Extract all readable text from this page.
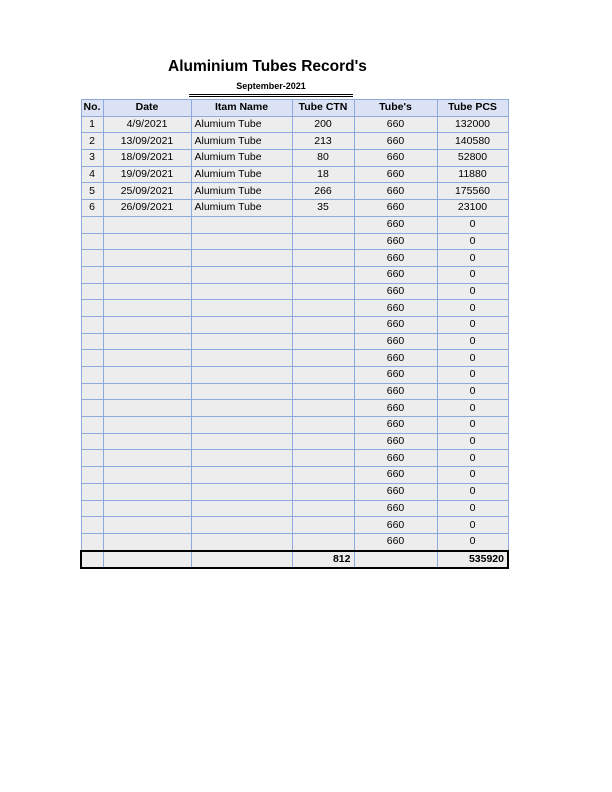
Aluminium Tubes Record's
September-2021
No.	Date	Itam Name	Tube CTN	Tube's	Tube PCS
1	4/9/2021	Alumium Tube	200	660	132000
2	13/09/2021	Alumium Tube	213	660	140580
3	18/09/2021	Alumium Tube	80	660	52800
4	19/09/2021	Alumium Tube	18	660	11880
5	25/09/2021	Alumium Tube	266	660	175560
6	26/09/2021	Alumium Tube	35	660	23100
				660	0
				660	0
				660	0
				660	0
				660	0
				660	0
				660	0
				660	0
				660	0
				660	0
				660	0
				660	0
				660	0
				660	0
				660	0
				660	0
				660	0
				660	0
				660	0
				660	0
			812		535920
